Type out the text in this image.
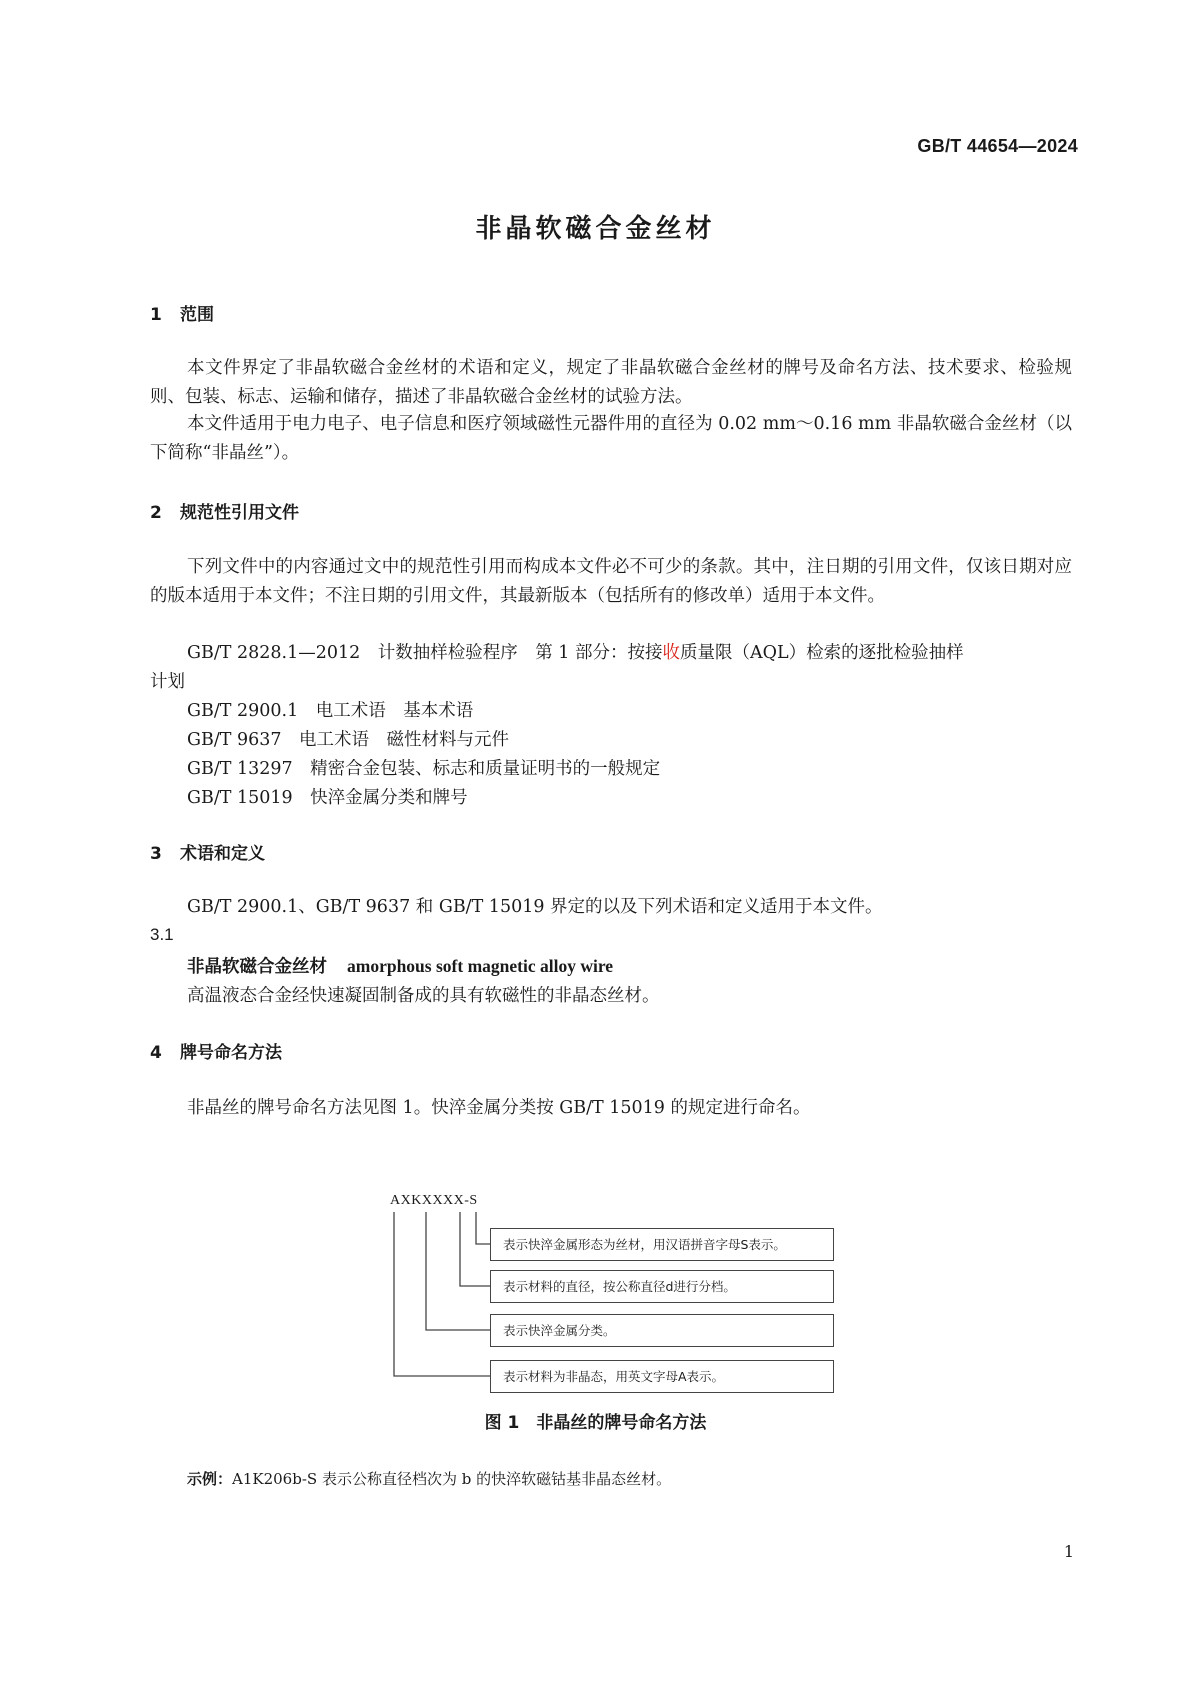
GB/T 44654—2024
非晶软磁合金丝材
1 范围
本文件界定了非晶软磁合金丝材的术语和定义，规定了非晶软磁合金丝材的牌号及命名方法、技术要求、检验规则、包装、标志、运输和储存，描述了非晶软磁合金丝材的试验方法。
本文件适用于电力电子、电子信息和医疗领域磁性元器件用的直径为 0.02 mm～0.16 mm 非晶软磁合金丝材（以下简称“非晶丝”）。
2 规范性引用文件
下列文件中的内容通过文中的规范性引用而构成本文件必不可少的条款。其中，注日期的引用文件，仅该日期对应的版本适用于本文件；不注日期的引用文件，其最新版本（包括所有的修改单）适用于本文件。
GB/T 2828.1—2012　计数抽样检验程序　第 1 部分：按接收质量限（AQL）检索的逐批检验抽样
计划
GB/T 2900.1　电工术语　基本术语
GB/T 9637　电工术语　磁性材料与元件
GB/T 13297　精密合金包装、标志和质量证明书的一般规定
GB/T 15019　快淬金属分类和牌号
3 术语和定义
GB/T 2900.1、GB/T 9637 和 GB/T 15019 界定的以及下列术语和定义适用于本文件。
3.1
非晶软磁合金丝材 amorphous soft magnetic alloy wire
高温液态合金经快速凝固制备成的具有软磁性的非晶态丝材。
4 牌号命名方法
非晶丝的牌号命名方法见图 1。快淬金属分类按 GB/T 15019 的规定进行命名。
AXKXXXX-S
表示快淬金属形态为丝材，用汉语拼音字母S表示。
表示材料的直径，按公称直径d进行分档。
表示快淬金属分类。
表示材料为非晶态，用英文字母A表示。
图 1　非晶丝的牌号命名方法
示例：A1K206b-S 表示公称直径档次为 b 的快淬软磁钴基非晶态丝材。
1
